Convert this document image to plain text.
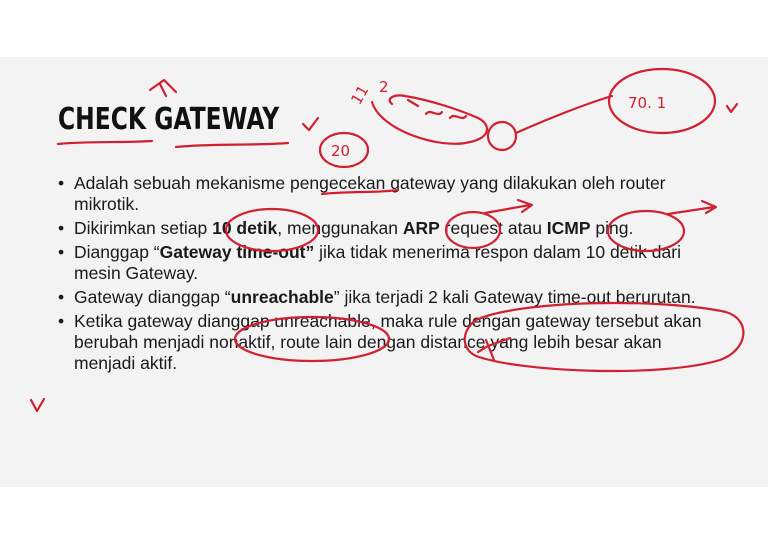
CHECK GATEWAY
• Adalah sebuah mekanisme pengecekan gateway yang dilakukan oleh router mikrotik.
• Dikirimkan setiap 10 detik, menggunakan ARP request atau ICMP ping.
• Dianggap “Gateway time-out” jika tidak menerima respon dalam 10 detik dari mesin Gateway.
• Gateway dianggap “unreachable” jika terjadi 2 kali Gateway time-out berurutan.
• Ketika gateway dianggap unreachable, maka rule dengan gateway tersebut akan berubah menjadi nonaktif, route lain dengan distance yang lebih besar akan menjadi aktif.
20
11 2
70. 1
